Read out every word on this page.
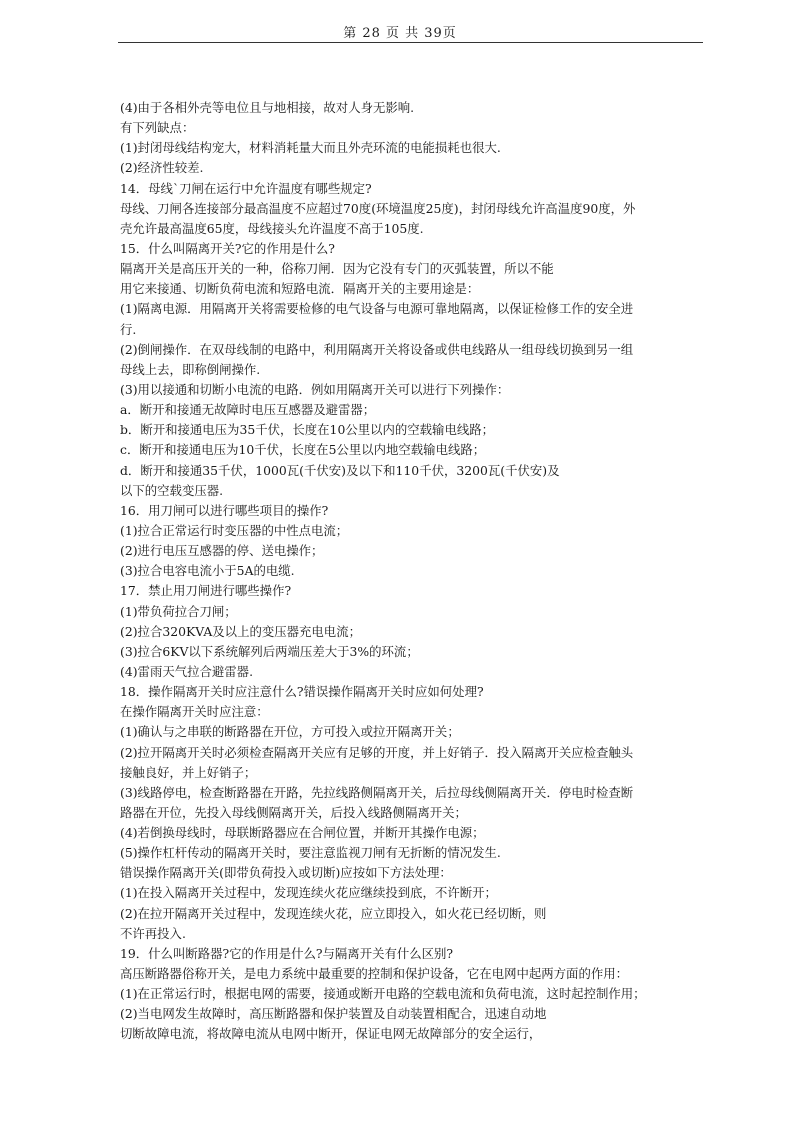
第 28 页 共 39页
(4)由于各相外壳等电位且与地相接，故对人身无影响.
有下列缺点：
(1)封闭母线结构宠大，材料消耗量大而且外壳环流的电能损耗也很大.
(2)经济性较差.
14．母线`刀闸在运行中允许温度有哪些规定?
母线、刀闸各连接部分最高温度不应超过70度(环境温度25度)，封闭母线允许高温度90度，外
壳允许最高温度65度，母线接头允许温度不高于105度.
15．什么叫隔离开关?它的作用是什么?
隔离开关是高压开关的一种，俗称刀闸．因为它没有专门的灭弧装置，所以不能
用它来接通、切断负荷电流和短路电流．隔离开关的主要用途是：
(1)隔离电源．用隔离开关将需要检修的电气设备与电源可靠地隔离，以保证检修工作的安全进
行.
(2)倒闸操作．在双母线制的电路中，利用隔离开关将设备或供电线路从一组母线切换到另一组
母线上去，即称倒闸操作.
(3)用以接通和切断小电流的电路．例如用隔离开关可以进行下列操作：
a．断开和接通无故障时电压互感器及避雷器；
b．断开和接通电压为35千伏，长度在10公里以内的空载输电线路；
c．断开和接通电压为10千伏，长度在5公里以内地空载输电线路；
d．断开和接通35千伏，1000瓦(千伏安)及以下和110千伏，3200瓦(千伏安)及
以下的空载变压器.
16．用刀闸可以进行哪些项目的操作?
(1)拉合正常运行时变压器的中性点电流；
(2)进行电压互感器的停、送电操作；
(3)拉合电容电流小于5A的电缆.
17．禁止用刀闸进行哪些操作?
(1)带负荷拉合刀闸；
(2)拉合320KVA及以上的变压器充电电流；
(3)拉合6KV以下系统解列后两端压差大于3%的环流；
(4)雷雨天气拉合避雷器.
18．操作隔离开关时应注意什么?错误操作隔离开关时应如何处理?
在操作隔离开关时应注意：
(1)确认与之串联的断路器在开位，方可投入或拉开隔离开关；
(2)拉开隔离开关时必须检查隔离开关应有足够的开度，并上好销子．投入隔离开关应检查触头
接触良好，并上好销子；
(3)线路停电，检查断路器在开路，先拉线路侧隔离开关，后拉母线侧隔离开关．停电时检查断
路器在开位，先投入母线侧隔离开关，后投入线路侧隔离开关；
(4)若倒换母线时，母联断路器应在合闸位置，并断开其操作电源；
(5)操作杠杆传动的隔离开关时，要注意监视刀闸有无折断的情况发生.
错误操作隔离开关(即带负荷投入或切断)应按如下方法处理：
(1)在投入隔离开关过程中，发现连续火花应继续投到底，不许断开；
(2)在拉开隔离开关过程中，发现连续火花，应立即投入，如火花已经切断，则
不许再投入.
19．什么叫断路器?它的作用是什么?与隔离开关有什么区别?
高压断路器俗称开关，是电力系统中最重要的控制和保护设备，它在电网中起两方面的作用：
(1)在正常运行时，根据电网的需要，接通或断开电路的空载电流和负荷电流，这时起控制作用；
(2)当电网发生故障时，高压断路器和保护装置及自动装置相配合，迅速自动地
切断故障电流，将故障电流从电网中断开，保证电网无故障部分的安全运行，
